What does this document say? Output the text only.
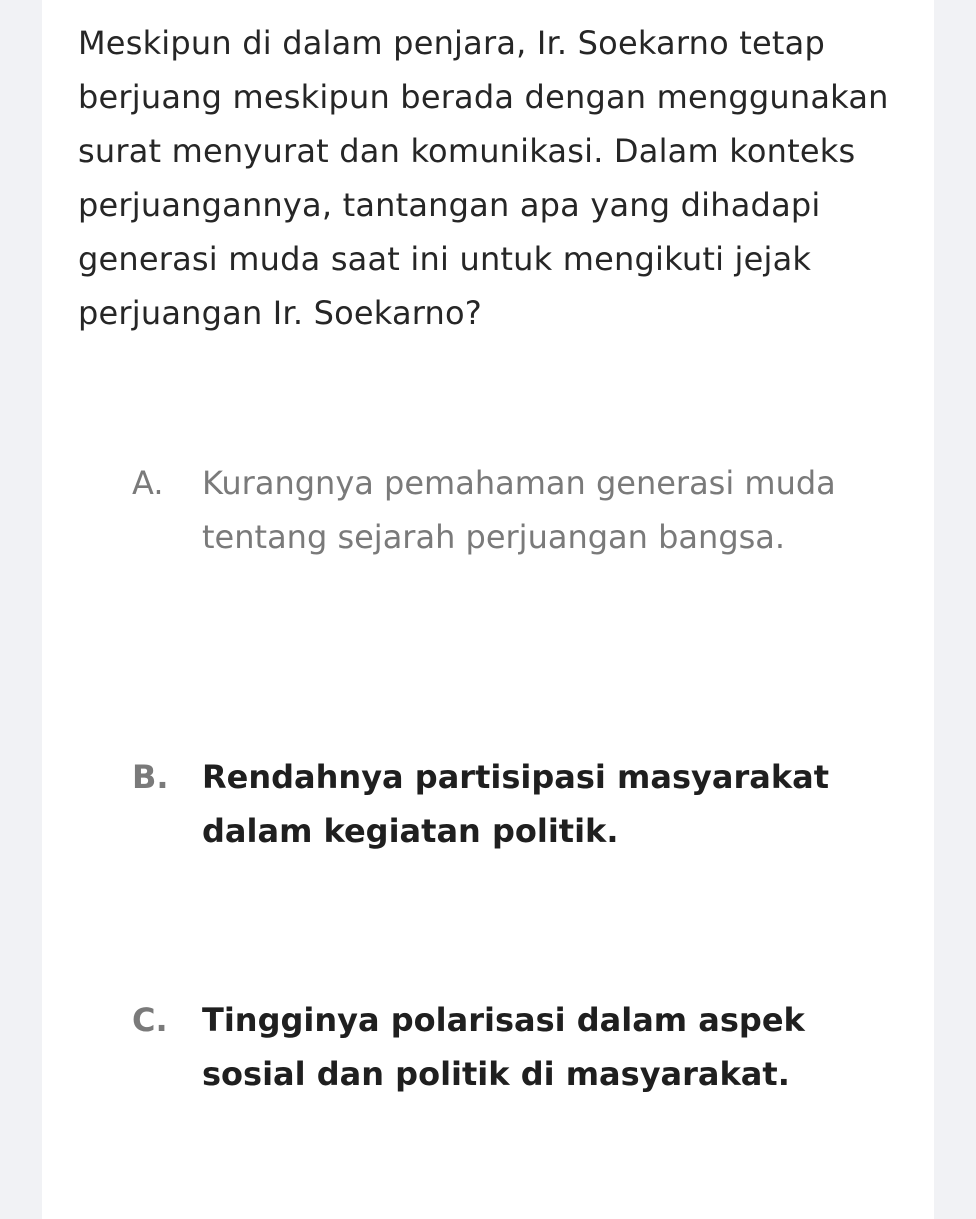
Meskipun di dalam penjara, Ir. Soekarno tetap berjuang meskipun berada dengan menggunakan surat menyurat dan komunikasi. Dalam konteks perjuangannya, tantangan apa yang dihadapi generasi muda saat ini untuk mengikuti jejak perjuangan Ir. Soekarno?

A.	Kurangnya pemahaman generasi muda tentang sejarah perjuangan bangsa.
B.	Rendahnya partisipasi masyarakat dalam kegiatan politik.
C.	Tingginya polarisasi dalam aspek sosial dan politik di masyarakat.
